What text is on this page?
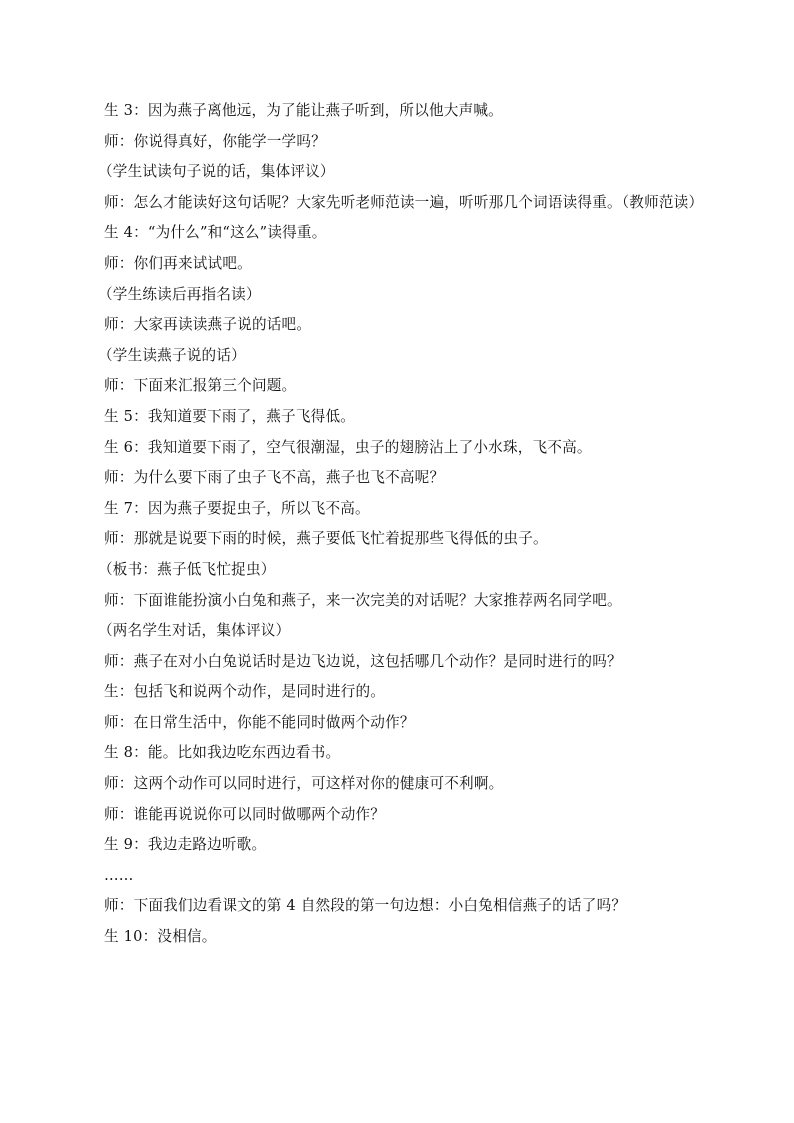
生 3：因为燕子离他远，为了能让燕子听到，所以他大声喊。
师：你说得真好，你能学一学吗？
（学生试读句子说的话，集体评议）
师：怎么才能读好这句话呢？大家先听老师范读一遍，听听那几个词语读得重。（教师范读）
生 4：“为什么”和“这么”读得重。
师：你们再来试试吧。
（学生练读后再指名读）
师：大家再读读燕子说的话吧。
（学生读燕子说的话）
师：下面来汇报第三个问题。
生 5：我知道要下雨了，燕子飞得低。
生 6：我知道要下雨了，空气很潮湿，虫子的翅膀沾上了小水珠，飞不高。
师：为什么要下雨了虫子飞不高，燕子也飞不高呢？
生 7：因为燕子要捉虫子，所以飞不高。
师：那就是说要下雨的时候，燕子要低飞忙着捉那些飞得低的虫子。
（板书：燕子低飞忙捉虫）
师：下面谁能扮演小白兔和燕子，来一次完美的对话呢？大家推荐两名同学吧。
（两名学生对话，集体评议）
师：燕子在对小白兔说话时是边飞边说，这包括哪几个动作？是同时进行的吗？
生：包括飞和说两个动作，是同时进行的。
师：在日常生活中，你能不能同时做两个动作？
生 8：能。比如我边吃东西边看书。
师：这两个动作可以同时进行，可这样对你的健康可不利啊。
师：谁能再说说你可以同时做哪两个动作？
生 9：我边走路边听歌。
……
师：下面我们边看课文的第 4 自然段的第一句边想：小白兔相信燕子的话了吗？
生 10：没相信。
